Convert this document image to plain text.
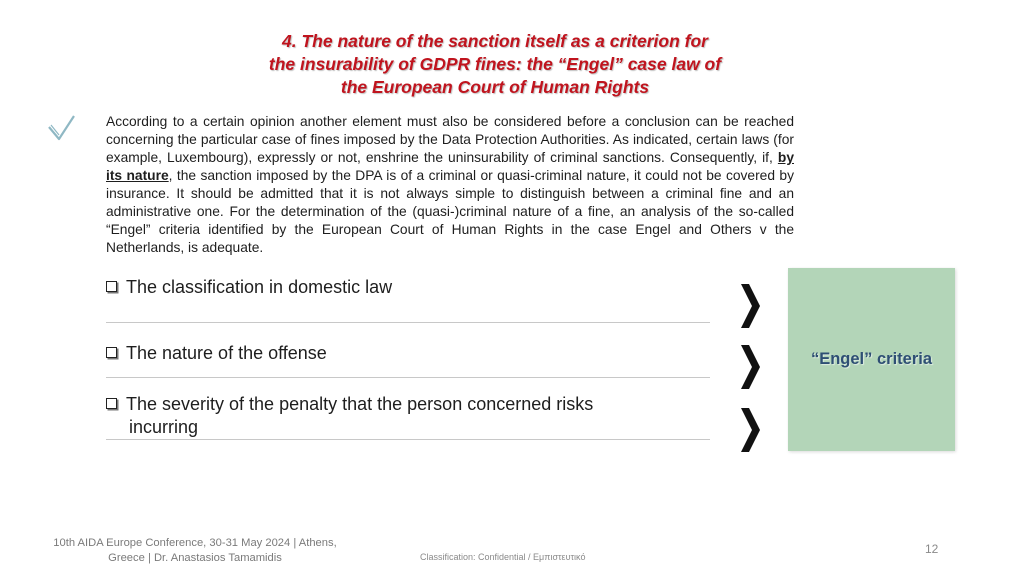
4. The nature of the sanction itself as a criterion for
the insurability of GDPR fines: the “Engel” case law of
the European Court of Human Rights
According to a certain opinion another element must also be considered before a conclusion can be reached concerning the particular case of fines imposed by the Data Protection Authorities. As indicated, certain laws (for example, Luxembourg), expressly or not, enshrine the uninsurability of criminal sanctions. Consequently, if, by its nature, the sanction imposed by the DPA is of a criminal or quasi-criminal nature, it could not be covered by insurance. It should be admitted that it is not always simple to distinguish between a criminal fine and an administrative one. For the determination of the (quasi-)criminal nature of a fine, an analysis of the so-called “Engel” criteria identified by the European Court of Human Rights in the case Engel and Others v the Netherlands, is adequate.
The classification in domestic law
The nature of the offense
The severity of the penalty that the person concerned risks
incurring
“Engel” criteria
10th AIDA Europe Conference, 30-31 May 2024 | Athens,
Greece | Dr. Anastasios Tamamidis	Classification: Confidential / Εμπιστευτικό
12
